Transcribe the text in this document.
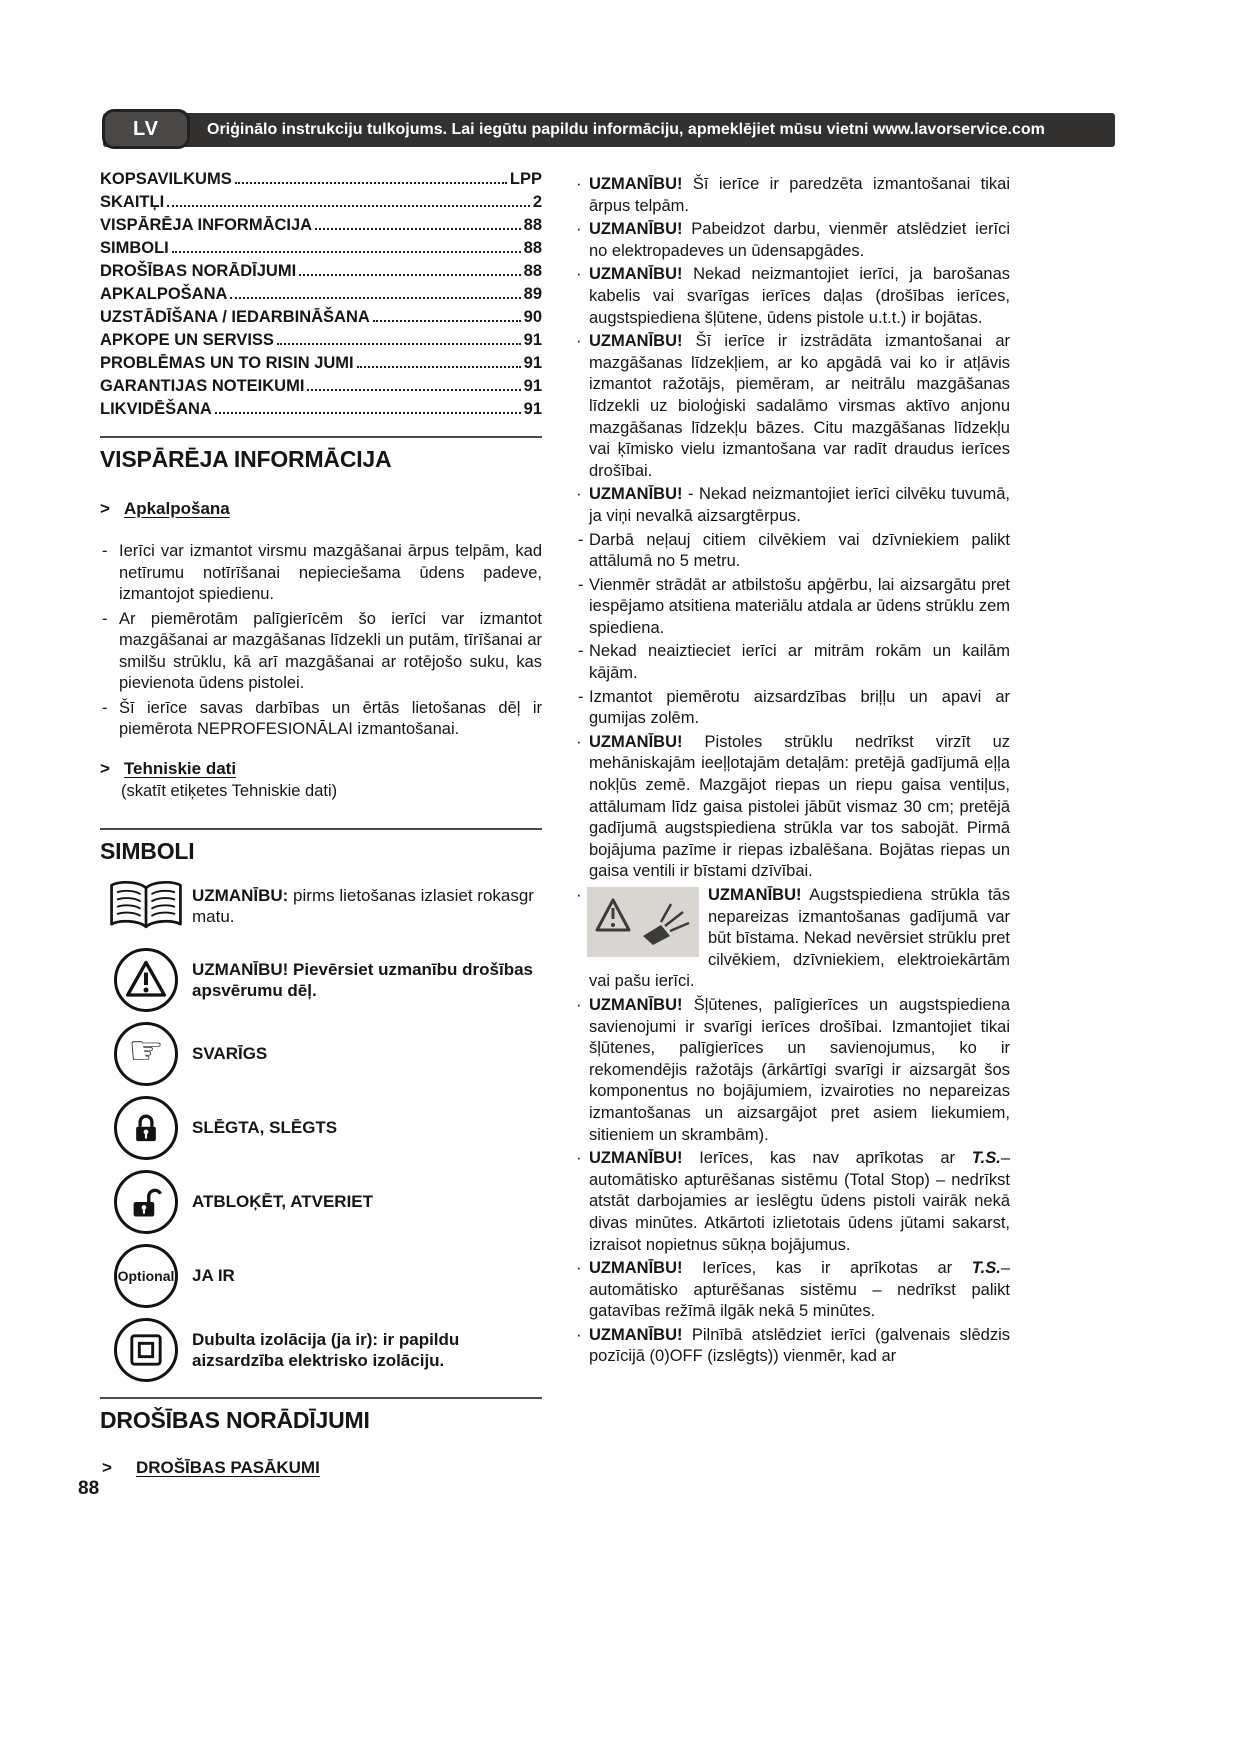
LV	Oriģinālo instrukciju tulkojums. Lai iegūtu papildu informāciju, apmeklējiet mūsu vietni www.lavorservice.com
KOPSAVILKUMS	LPP
SKAITĻI	2
VISPĀRĒJA INFORMĀCIJA	88
SIMBOLI	88
DROŠĪBAS NORĀDĪJUMI	88
APKALPOŠANA	89
UZSTĀDĪŠANA / IEDARBINĀŠANA	90
APKOPE UN SERVISS	91
PROBLĒMAS UN TO RISIN JUMI	91
GARANTIJAS NOTEIKUMI	91
LIKVIDĒŠANA	91
VISPĀRĒJA INFORMĀCIJA
> Apkalpošana
- Ierīci var izmantot virsmu mazgāšanai ārpus telpām, kad netīrumu notīrīšanai nepieciešama ūdens padeve, izmantojot spiedienu.
- Ar piemērotām palīgierīcēm šo ierīci var izmantot mazgāšanai ar mazgāšanas līdzekli un putām, tīrīšanai ar smilšu strūklu, kā arī mazgāšanai ar rotējošo suku, kas pievienota ūdens pistolei.
- Šī ierīce savas darbības un ērtās lietošanas dēļ ir piemērota NEPROFESIONĀLAI izmantošanai.
> Tehniskie dati
(skatīt etiķetes Tehniskie dati)
SIMBOLI
UZMANĪBU: pirms lietošanas izlasiet rokasgr matu.
UZMANĪBU! Pievērsiet uzmanību drošības apsvērumu dēļ.
☞ SVARĪGS
SLĒGTA, SLĒGTS
ATBLOĶĒT, ATVERIET
Optional JA IR
Dubulta izolācija (ja ir): ir papildu aizsardzība elektrisko izolāciju.
DROŠĪBAS NORĀDĪJUMI
> DROŠĪBAS PASĀKUMI

· UZMANĪBU! Šī ierīce ir paredzēta izmantošanai tikai ārpus telpām.

· UZMANĪBU! Pabeidzot darbu, vienmēr atslēdziet ierīci no elektropadeves un ūdensapgādes.

· UZMANĪBU! Nekad neizmantojiet ierīci, ja barošanas kabelis vai svarīgas ierīces daļas (drošības ierīces, augstspiediena šļūtene, ūdens pistole u.t.t.) ir bojātas.

· UZMANĪBU! Šī ierīce ir izstrādāta izmantošanai ar mazgāšanas līdzekļiem, ar ko apgādā vai ko ir atļāvis izmantot ražotājs, piemēram, ar neitrālu mazgāšanas līdzekli uz bioloģiski sadalāmo virsmas aktīvo anjonu mazgāšanas līdzekļu bāzes. Citu mazgāšanas līdzekļu vai ķīmisko vielu izmantošana var radīt draudus ierīces drošībai.

· UZMANĪBU! - Nekad neizmantojiet ierīci cilvēku tuvumā, ja viņi nevalkā aizsargtērpus.

- Darbā neļauj citiem cilvēkiem vai dzīvniekiem palikt attālumā no 5 metru.

- Vienmēr strādāt ar atbilstošu apģērbu, lai aizsargātu pret iespējamo atsitiena materiālu atdala ar ūdens strūklu zem spiediena.

- Nekad neaiztieciet ierīci ar mitrām rokām un kailām kājām.

- Izmantot piemērotu aizsardzības briļļu un apavi ar gumijas zolēm.

· UZMANĪBU! Pistoles strūklu nedrīkst virzīt uz mehāniskajām ieeļļotajām detaļām: pretējā gadījumā eļļa nokļūs zemē. Mazgājot riepas un riepu gaisa ventiļus, attālumam līdz gaisa pistolei jābūt vismaz 30 cm; pretējā gadījumā augstspiediena strūkla var tos sabojāt. Pirmā bojājuma pazīme ir riepas izbalēšana. Bojātas riepas un gaisa ventili ir bīstami dzīvībai.

·	UZMANĪBU! Augstspiediena strūkla tās nepareizas izmantošanas gadījumā var būt bīstama. Nekad nevērsiet strūklu pret cilvēkiem, dzīvniekiem, elektroiekārtām vai pašu ierīci.

· UZMANĪBU! Šļūtenes, palīgierīces un augstspiediena savienojumi ir svarīgi ierīces drošībai. Izmantojiet tikai šļūtenes, palīgierīces un savienojumus, ko ir rekomendējis ražotājs (ārkārtīgi svarīgi ir aizsargāt šos komponentus no bojājumiem, izvairoties no nepareizas izmantošanas un aizsargājot pret asiem liekumiem, sitieniem un skrambām).

· UZMANĪBU! Ierīces, kas nav aprīkotas ar T.S.– automātisko apturēšanas sistēmu (Total Stop) – nedrīkst atstāt darbojamies ar ieslēgtu ūdens pistoli vairāk nekā divas minūtes. Atkārtoti izlietotais ūdens jūtami sakarst, izraisot nopietnus sūkņa bojājumus.

· UZMANĪBU! Ierīces, kas ir aprīkotas ar T.S.– automātisko apturēšanas sistēmu – nedrīkst palikt gatavības režīmā ilgāk nekā 5 minūtes.

· UZMANĪBU! Pilnībā atslēdziet ierīci (galvenais slēdzis pozīcijā (0)OFF (izslēgts)) vienmēr, kad ar

88
